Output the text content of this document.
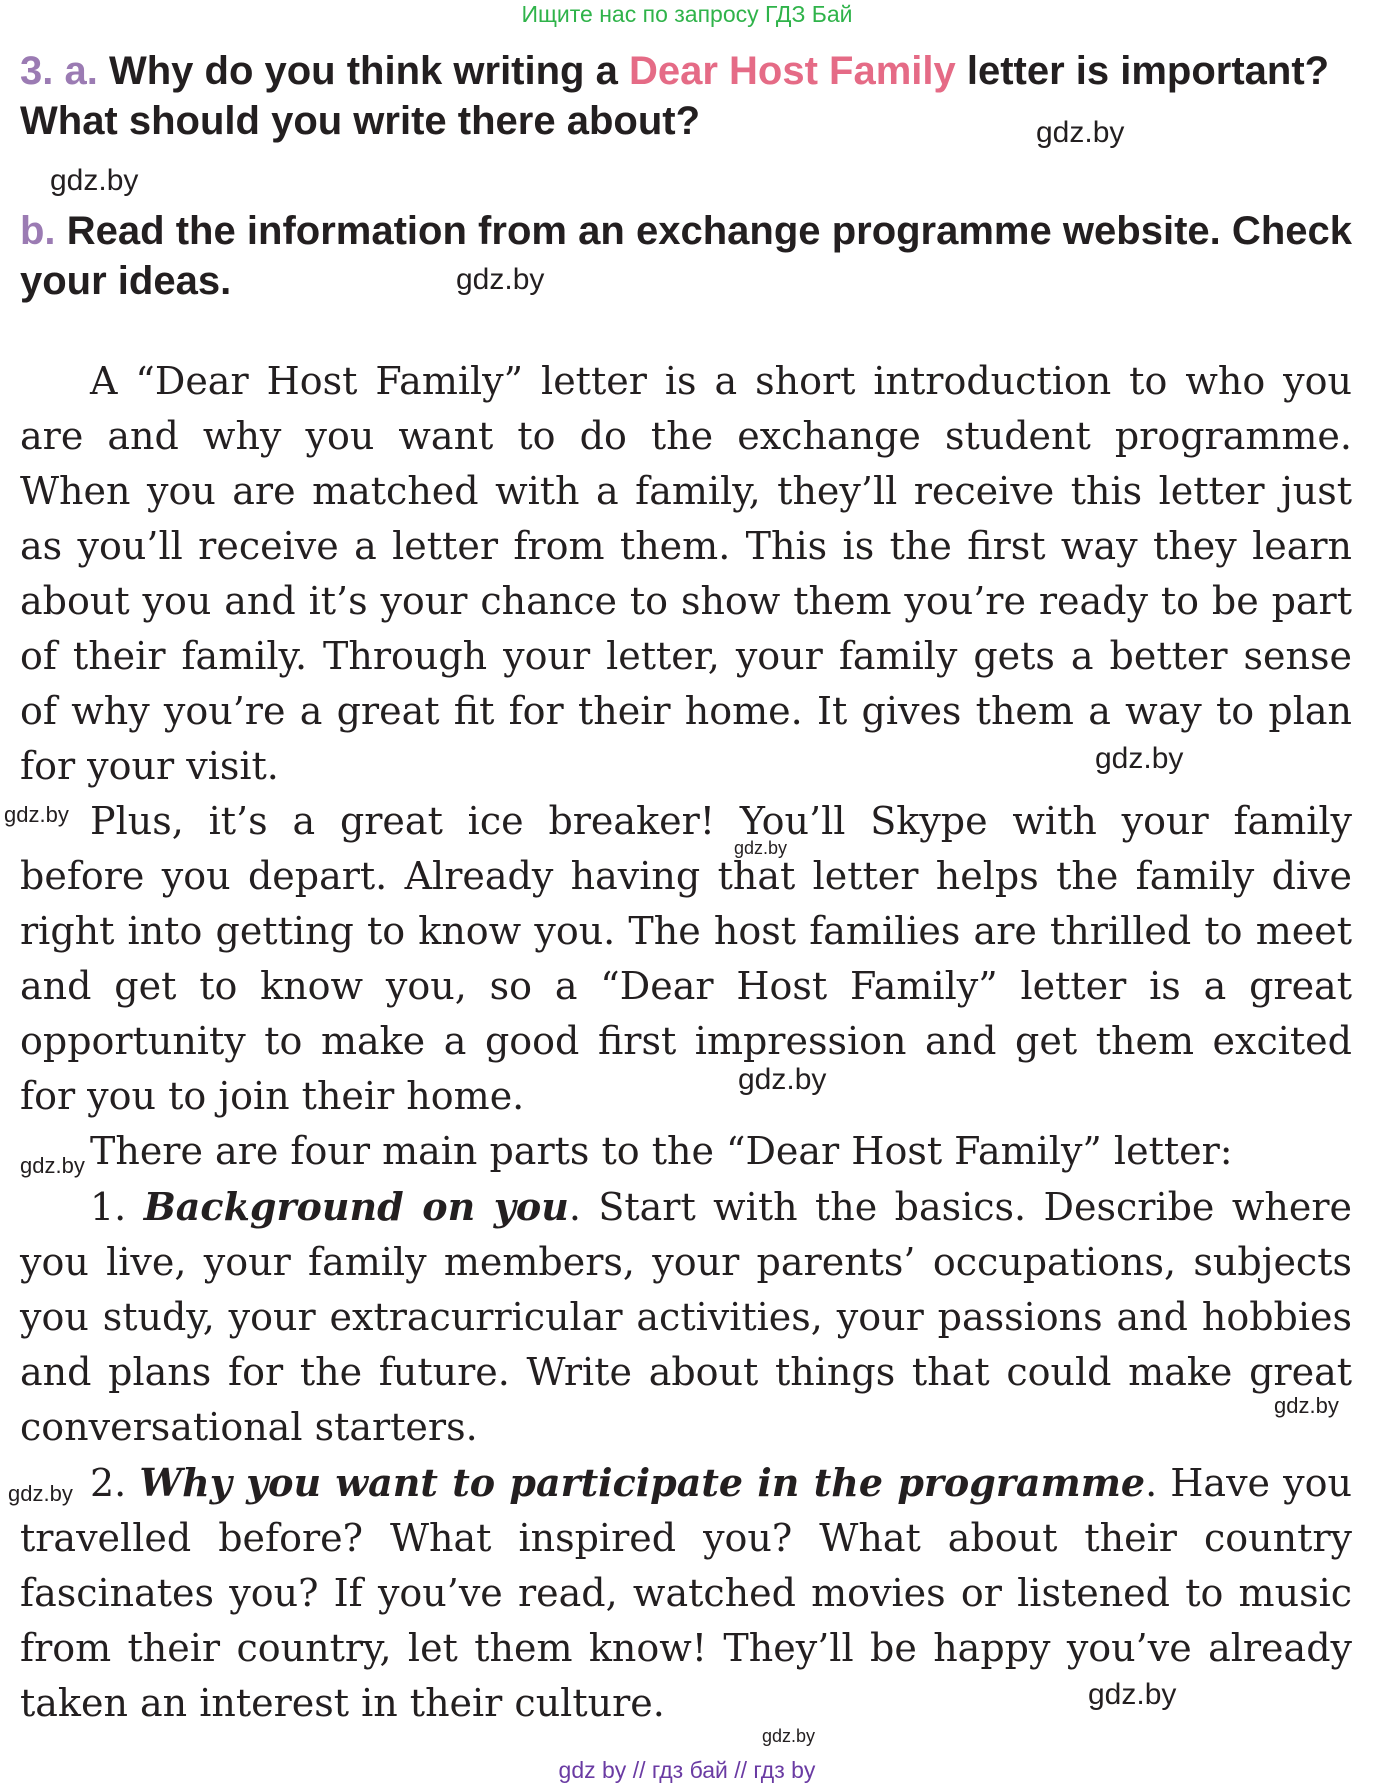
Ищите нас по запросу ГДЗ Бай
3. a. Why do you think writing a Dear Host Family letter is important? What should you write there about?
b. Read the information from an exchange programme website. Check your ideas.

A “Dear Host Family” letter is a short introduction to who you are and why you want to do the exchange student programme. When you are matched with a family, they’ll receive this letter just as you’ll receive a letter from them. This is the first way they learn about you and it’s your chance to show them you’re ready to be part of their family. Through your letter, your family gets a better sense of why you’re a great fit for their home. It gives them a way to plan for your visit.

Plus, it’s a great ice breaker! You’ll Skype with your family before you depart. Already having that letter helps the family dive right into getting to know you. The host families are thrilled to meet and get to know you, so a “Dear Host Family” letter is a great opportunity to make a good first impression and get them excited for you to join their home.

There are four main parts to the “Dear Host Family” letter:

1. Background on you. Start with the basics. Describe where you live, your family members, your parents’ occupations, subjects you study, your extracurricular activities, your passions and hobbies and plans for the future. Write about things that could make great conversational starters.

2. Why you want to participate in the programme. Have you travelled before? What inspired you? What about their country fascinates you? If you’ve read, watched movies or listened to music from their country, let them know! They’ll be happy you’ve already taken an interest in their culture.

gdz.by
gdz.by
gdz.by
gdz.by
gdz.by
gdz.by
gdz.by
gdz.by
gdz.by
gdz.by
gdz.by
gdz.by
gdz by // гдз бай // гдз by
